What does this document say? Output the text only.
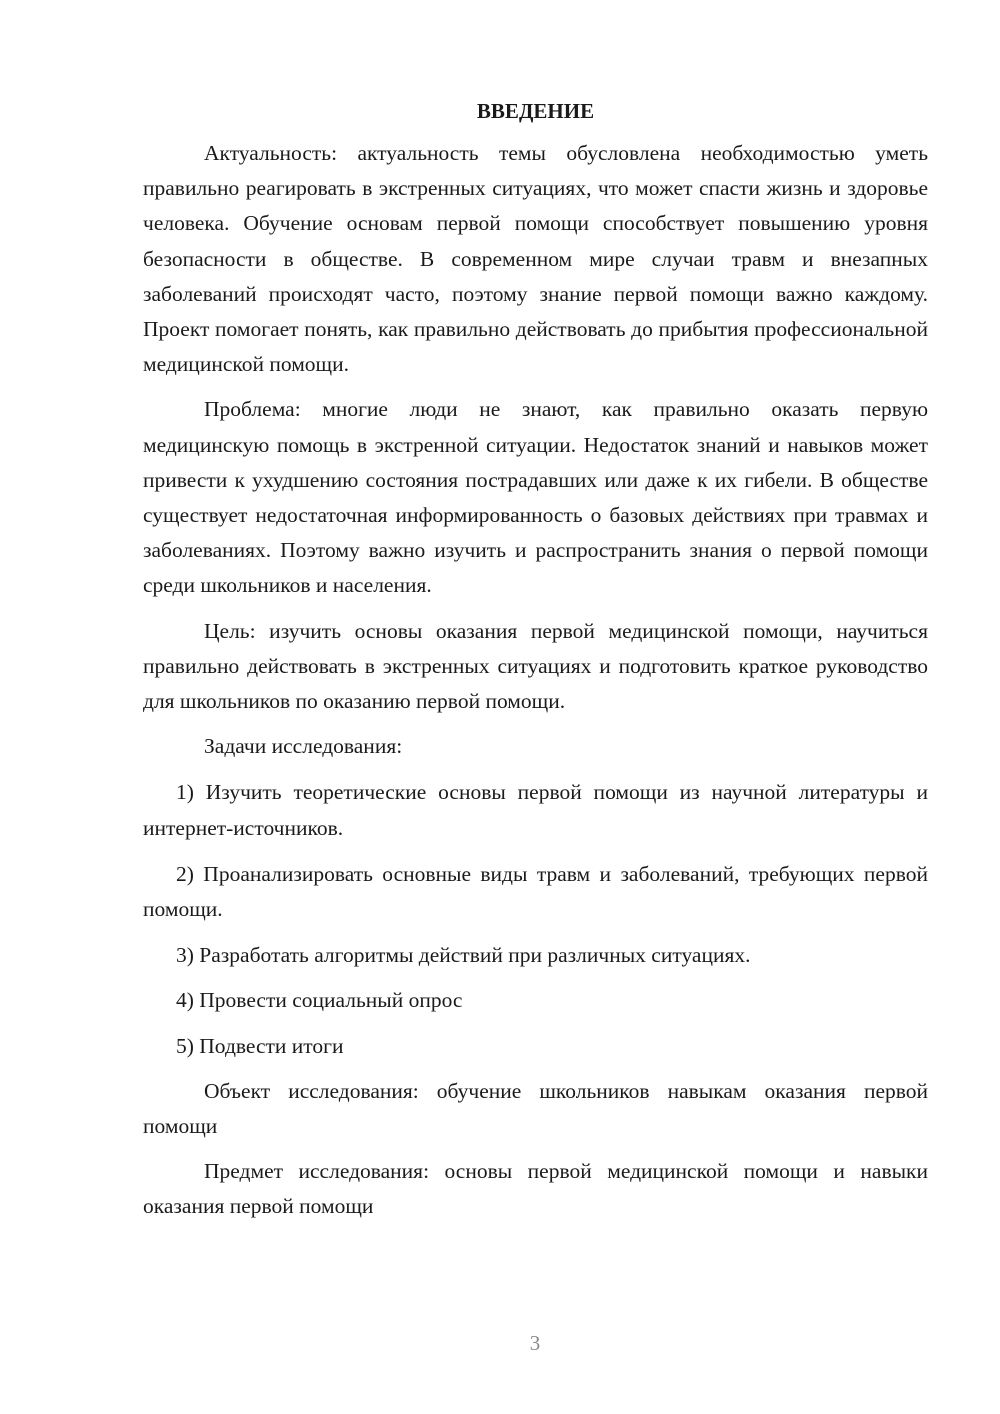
ВВЕДЕНИЕ

Актуальность: актуальность темы обусловлена необходимостью уметь правильно реагировать в экстренных ситуациях, что может спасти жизнь и здоровье человека. Обучение основам первой помощи способствует повышению уровня безопасности в обществе. В современном мире случаи травм и внезапных заболеваний происходят часто, поэтому знание первой помощи важно каждому. Проект помогает понять, как правильно действовать до прибытия профессиональной медицинской помощи.

Проблема: многие люди не знают, как правильно оказать первую медицинскую помощь в экстренной ситуации. Недостаток знаний и навыков может привести к ухудшению состояния пострадавших или даже к их гибели. В обществе существует недостаточная информированность о базовых действиях при травмах и заболеваниях. Поэтому важно изучить и распространить знания о первой помощи среди школьников и населения.

Цель: изучить основы оказания первой медицинской помощи, научиться правильно действовать в экстренных ситуациях и подготовить краткое руководство для школьников по оказанию первой помощи.

Задачи исследования:

1) Изучить теоретические основы первой помощи из научной литературы и интернет-источников.

2) Проанализировать основные виды травм и заболеваний, требующих первой помощи.

3) Разработать алгоритмы действий при различных ситуациях.

4) Провести социальный опрос

5) Подвести итоги

Объект исследования: обучение школьников навыкам оказания первой помощи

Предмет исследования: основы первой медицинской помощи и навыки оказания первой помощи

3
